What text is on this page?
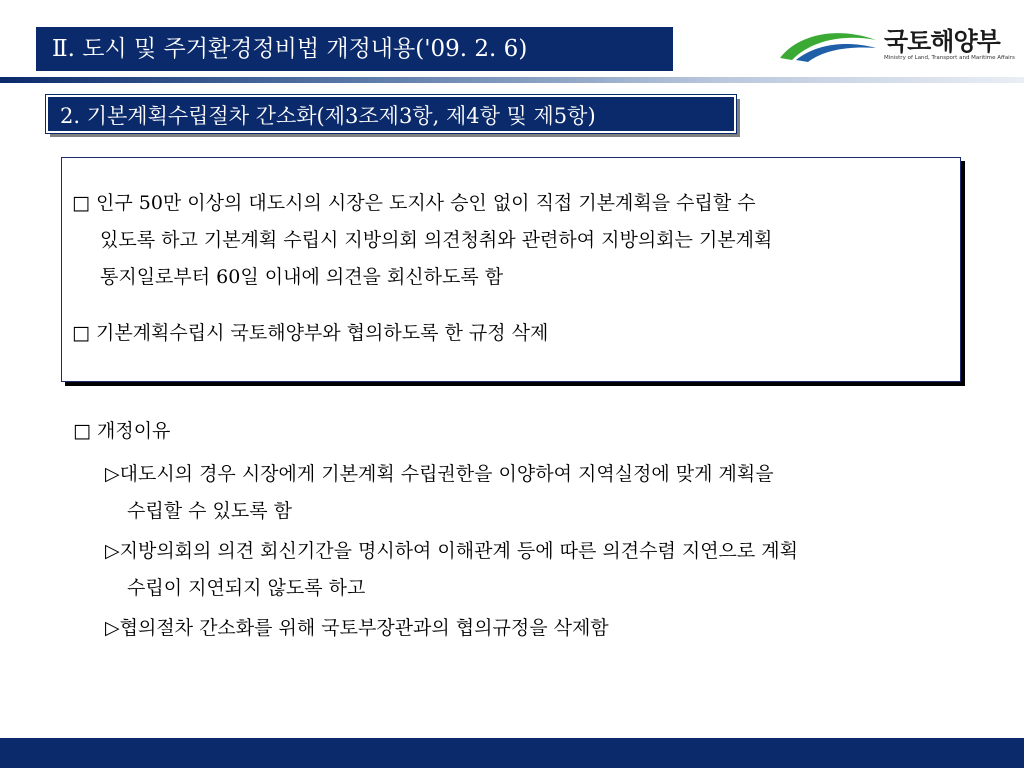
Ⅱ. 도시 및 주거환경정비법 개정내용('09. 2. 6)	국토해양부
Ministry of Land, Transport and Maritime Affairs
2. 기본계획수립절차 간소화(제3조제3항, 제4항 및 제5항)
□ 인구 50만 이상의 대도시의 시장은 도지사 승인 없이 직접 기본계획을 수립할 수
있도록 하고 기본계획 수립시 지방의회 의견청취와 관련하여 지방의회는 기본계획
통지일로부터 60일 이내에 의견을 회신하도록 함
□ 기본계획수립시 국토해양부와 협의하도록 한 규정 삭제
□ 개정이유
▷대도시의 경우 시장에게 기본계획 수립권한을 이양하여 지역실정에 맞게 계획을
수립할 수 있도록 함
▷지방의회의 의견 회신기간을 명시하여 이해관계 등에 따른 의견수렴 지연으로 계획
수립이 지연되지 않도록 하고
▷협의절차 간소화를 위해 국토부장관과의 협의규정을 삭제함
